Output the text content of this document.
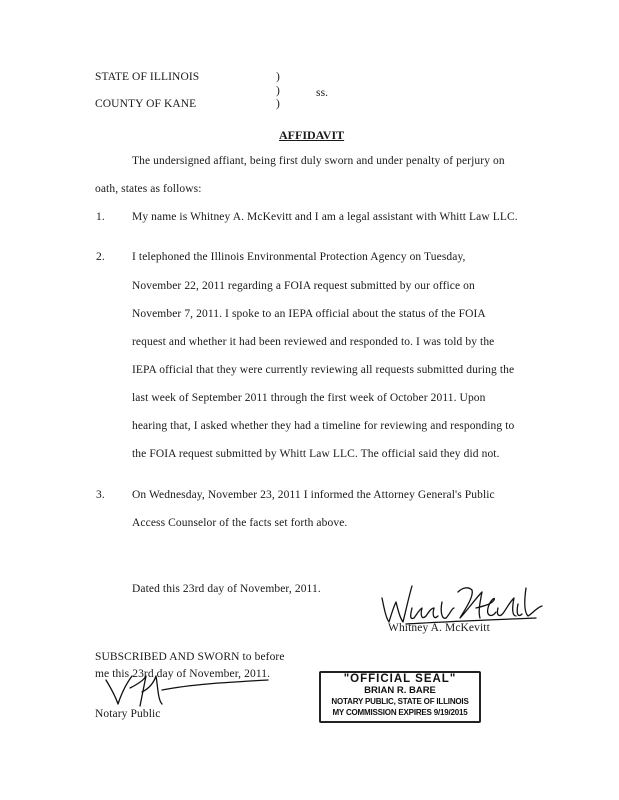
STATE OF ILLINOIS	)
)	ss.
COUNTY OF KANE	)
AFFIDAVIT
The undersigned affiant, being first duly sworn and under penalty of perjury on
oath, states as follows:
1. My name is Whitney A. McKevitt and I am a legal assistant with Whitt Law LLC.
2. I telephoned the Illinois Environmental Protection Agency on Tuesday,
November 22, 2011 regarding a FOIA request submitted by our office on
November 7, 2011. I spoke to an IEPA official about the status of the FOIA
request and whether it had been reviewed and responded to. I was told by the
IEPA official that they were currently reviewing all requests submitted during the
last week of September 2011 through the first week of October 2011. Upon
hearing that, I asked whether they had a timeline for reviewing and responding to
the FOIA request submitted by Whitt Law LLC. The official said they did not.
3. On Wednesday, November 23, 2011 I informed the Attorney General's Public
Access Counselor of the facts set forth above.
Dated this 23rd day of November, 2011.
Whitney A. McKevitt
SUBSCRIBED AND SWORN to before
me this 23rd day of November, 2011.
Notary Public
"OFFICIAL SEAL"
BRIAN R. BARE
NOTARY PUBLIC, STATE OF ILLINOIS
MY COMMISSION EXPIRES 9/19/2015
